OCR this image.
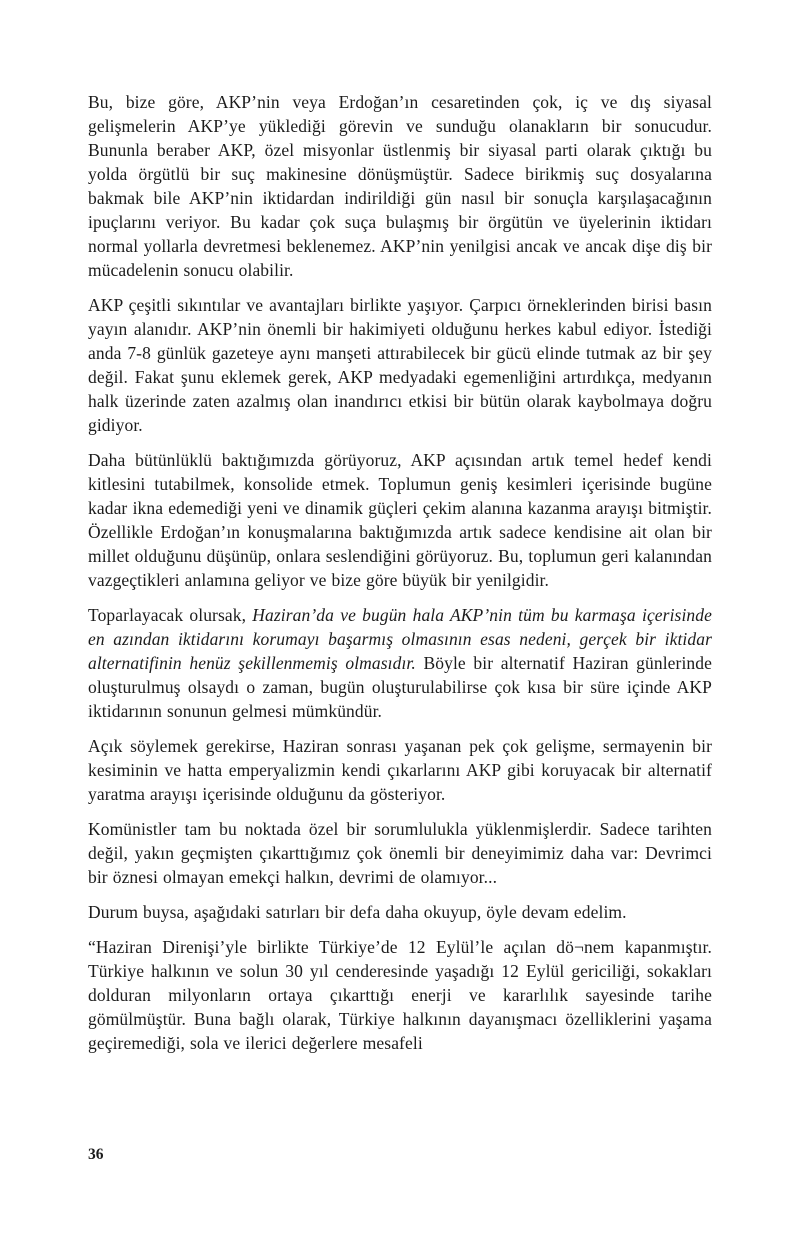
Bu, bize göre, AKP’nin veya Erdoğan’ın cesaretinden çok, iç ve dış siyasal gelişmelerin AKP’ye yüklediği görevin ve sunduğu olanakların bir sonucudur. Bununla beraber AKP, özel misyonlar üstlenmiş bir siyasal parti olarak çıktığı bu yolda örgütlü bir suç makinesine dönüşmüştür. Sadece birikmiş suç dosyalarına bakmak bile AKP’nin iktidardan indirildiği gün nasıl bir sonuçla karşılaşacağının ipuçlarını veriyor. Bu kadar çok suça bulaşmış bir örgütün ve üyelerinin iktidarı normal yollarla devretmesi beklenemez. AKP’nin yenilgisi ancak ve ancak dişe diş bir mücadelenin sonucu olabilir.

AKP çeşitli sıkıntılar ve avantajları birlikte yaşıyor. Çarpıcı örneklerinden birisi basın yayın alanıdır. AKP’nin önemli bir hakimiyeti olduğunu herkes kabul ediyor. İstediği anda 7-8 günlük gazeteye aynı manşeti attırabilecek bir gücü elinde tutmak az bir şey değil. Fakat şunu eklemek gerek, AKP medyadaki egemenliğini artırdıkça, medyanın halk üzerinde zaten azalmış olan inandırıcı etkisi bir bütün olarak kaybolmaya doğru gidiyor.

Daha bütünlüklü baktığımızda görüyoruz, AKP açısından artık temel hedef kendi kitlesini tutabilmek, konsolide etmek. Toplumun geniş kesimleri içerisinde bugüne kadar ikna edemediği yeni ve dinamik güçleri çekim alanına kazanma arayışı bitmiştir. Özellikle Erdoğan’ın konuşmalarına baktığımızda artık sadece kendisine ait olan bir millet olduğunu düşünüp, onlara seslendiğini görüyoruz. Bu, toplumun geri kalanından vazgeçtikleri anlamına geliyor ve bize göre büyük bir yenilgidir.

Toparlayacak olursak, Haziran’da ve bugün hala AKP’nin tüm bu karmaşa içerisinde en azından iktidarını korumayı başarmış olmasının esas nedeni, gerçek bir iktidar alternatifinin henüz şekillenmemiş olmasıdır. Böyle bir alternatif Haziran günlerinde oluşturulmuş olsaydı o zaman, bugün oluşturulabilirse çok kısa bir süre içinde AKP iktidarının sonunun gelmesi mümkündür.

Açık söylemek gerekirse, Haziran sonrası yaşanan pek çok gelişme, sermayenin bir kesiminin ve hatta emperyalizmin kendi çıkarlarını AKP gibi koruyacak bir alternatif yaratma arayışı içerisinde olduğunu da gösteriyor.

Komünistler tam bu noktada özel bir sorumlulukla yüklenmişlerdir. Sadece tarihten değil, yakın geçmişten çıkarttığımız çok önemli bir deneyimimiz daha var: Devrimci bir öznesi olmayan emekçi halkın, devrimi de olamıyor...

Durum buysa, aşağıdaki satırları bir defa daha okuyup, öyle devam edelim.

“Haziran Direnişi’yle birlikte Türkiye’de 12 Eylül’le açılan dö¬nem kapanmıştır. Türkiye halkının ve solun 30 yıl cenderesinde yaşadığı 12 Eylül gericiliği, sokakları dolduran milyonların ortaya çıkarttığı enerji ve kararlılık sayesinde tarihe gömülmüştür. Buna bağlı olarak, Türkiye halkının dayanışmacı özelliklerini yaşama geçiremediği, sola ve ilerici değerlere mesafeli

36
